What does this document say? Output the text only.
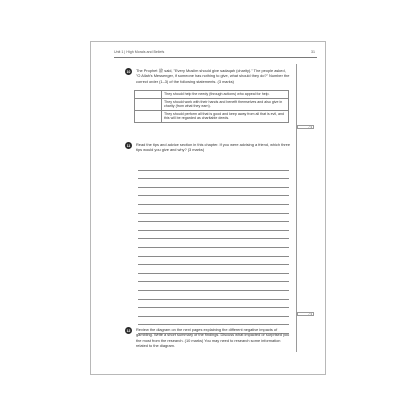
Unit 1 | High Morals and Beliefs	31
10	The Prophet ﷺ said, "Every Muslim should give sadaqah (charity)." The people asked, "O Allah's Messenger, if someone has nothing to give, what should they do?" Number the correct order (1–3) of the following statements. (3 marks)
	They should help the needy (through actions) who appeal for help.
	They should work with their hands and benefit themselves and also give in charity (from what they earn).
	They should perform all that is good and keep away from all that is evil, and this will be regarded as charitable deeds.
/ 3
11	Read the tips and advice section in this chapter. If you were advising a friend, which three tips would you give and why? (3 marks)
/ 3
12	Review the diagram on the next pages explaining the different negative impacts of gambling. Write a short summary of the findings. Discuss what impacted or surprised you the most from the research. (10 marks) You may need to research some information related to the diagram.
